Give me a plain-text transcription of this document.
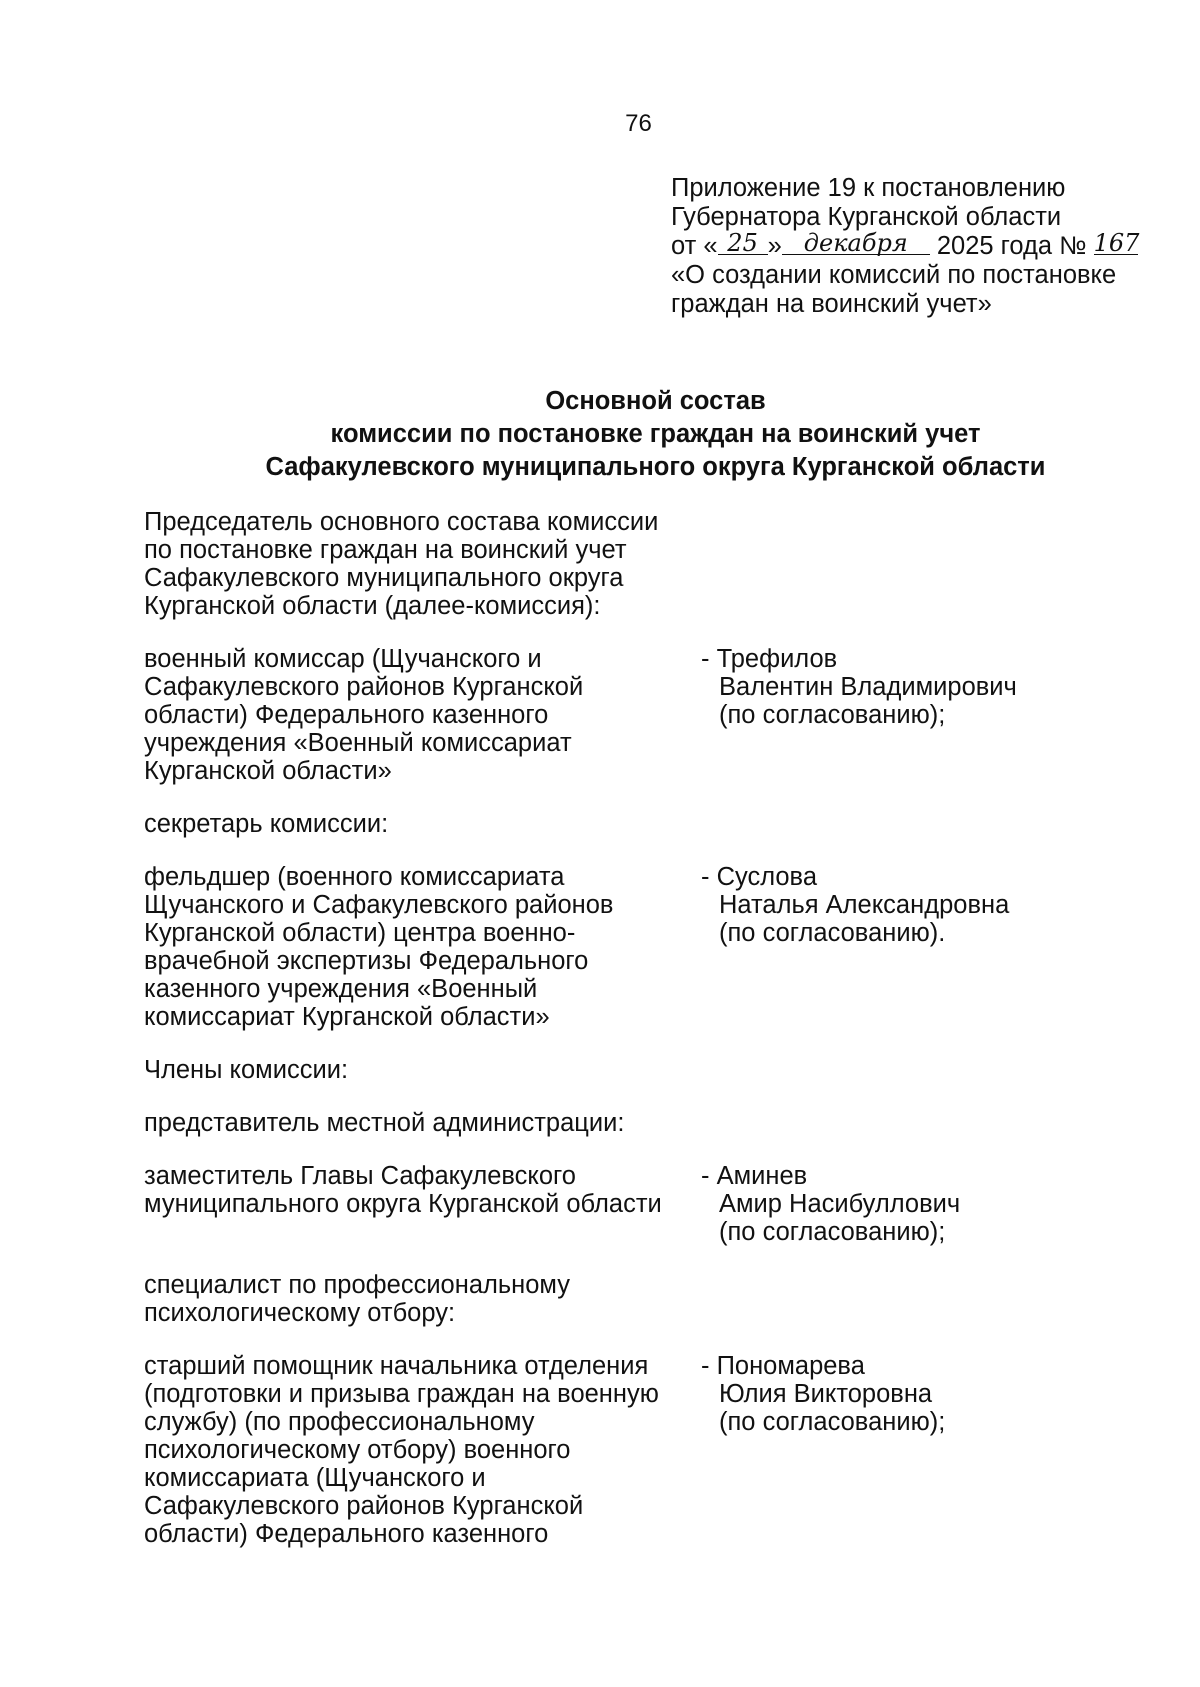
76
Приложение 19 к постановлению
Губернатора Курганской области
от « 25 » декабря 2025 года № 167
«О создании комиссий по постановке
граждан на воинский учет»
Основной состав
комиссии по постановке граждан на воинский учет
Сафакулевского муниципального округа Курганской области
Председатель основного состава комиссии
по постановке граждан на воинский учет
Сафакулевского муниципального округа
Курганской области (далее-комиссия):
военный комиссар (Щучанского и
Сафакулевского районов Курганской
области) Федерального казенного
учреждения «Военный комиссариат
Курганской области»
- Трефилов
Валентин Владимирович
(по согласованию);
секретарь комиссии:
фельдшер (военного комиссариата
Щучанского и Сафакулевского районов
Курганской области) центра военно-
врачебной экспертизы Федерального
казенного учреждения «Военный
комиссариат Курганской области»
- Суслова
Наталья Александровна
(по согласованию).
Члены комиссии:
представитель местной администрации:
заместитель Главы Сафакулевского
муниципального округа Курганской области
- Аминев
Амир Насибуллович
(по согласованию);
специалист по профессиональному
психологическому отбору:
старший помощник начальника отделения
(подготовки и призыва граждан на военную
службу) (по профессиональному
психологическому отбору) военного
комиссариата (Щучанского и
Сафакулевского районов Курганской
области) Федерального казенного
- Пономарева
Юлия Викторовна
(по согласованию);
